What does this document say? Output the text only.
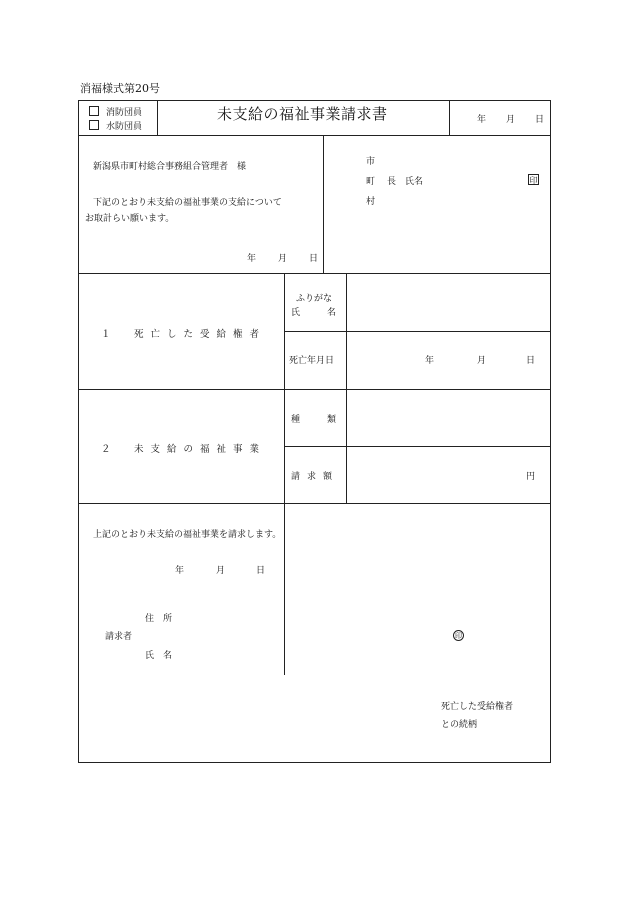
消福様式第20号
消防団員
水防団員
未支給の福祉事業請求書	年 月 日
新潟県市町村総合事務組合管理者　様
下記のとおり未支給の福祉事業の支給について
お取計らい願います。
年 月 日
市
町 長 氏名
村
印
１　死亡した受給権者
ふりがな
氏　　名
死亡年月日	年	月	日
２　未支給の福祉事業
種　　類
請求額	円
上記のとおり未支給の福祉事業を請求します。
年	月	日
住　所
請求者
氏　名
印
死亡した受給権者
との続柄
